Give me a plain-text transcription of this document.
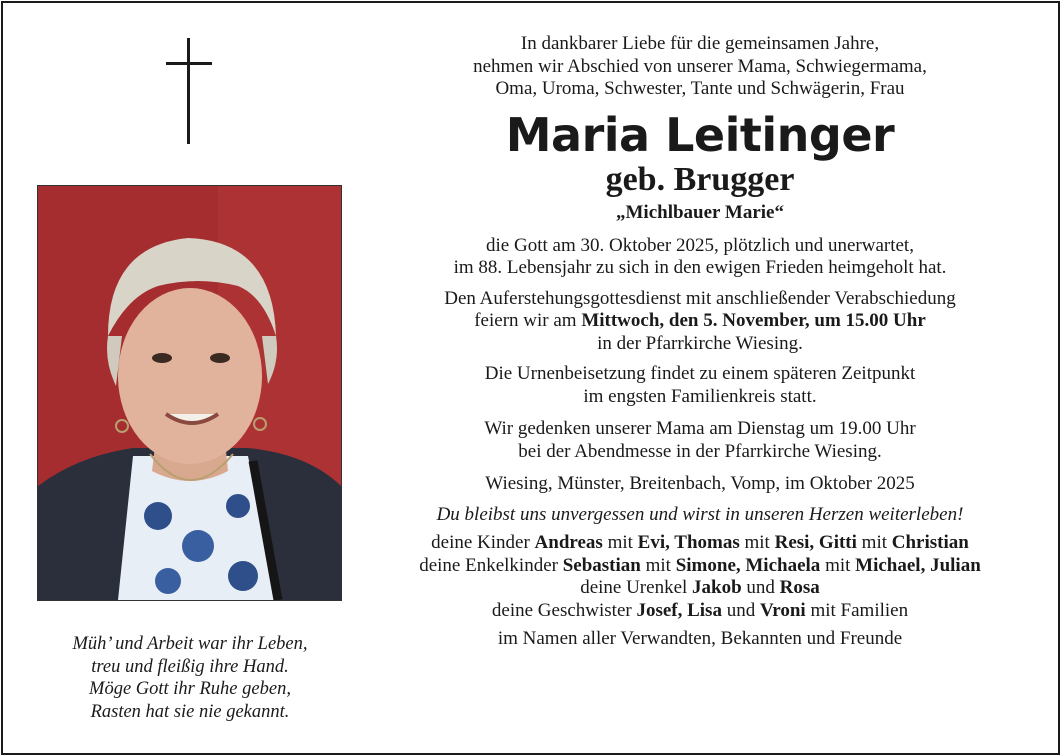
Müh’ und Arbeit war ihr Leben,
treu und fleißig ihre Hand.
Möge Gott ihr Ruhe geben,
Rasten hat sie nie gekannt.
In dankbarer Liebe für die gemeinsamen Jahre,
nehmen wir Abschied von unserer Mama, Schwiegermama,
Oma, Uroma, Schwester, Tante und Schwägerin, Frau
Maria Leitinger
geb. Brugger
„Michlbauer Marie“
die Gott am 30. Oktober 2025, plötzlich und unerwartet,
im 88. Lebensjahr zu sich in den ewigen Frieden heimgeholt hat.
Den Auferstehungsgottesdienst mit anschließender Verabschiedung
feiern wir am Mittwoch, den 5. November, um 15.00 Uhr
in der Pfarrkirche Wiesing.
Die Urnenbeisetzung findet zu einem späteren Zeitpunkt
im engsten Familienkreis statt.
Wir gedenken unserer Mama am Dienstag um 19.00 Uhr
bei der Abendmesse in der Pfarrkirche Wiesing.
Wiesing, Münster, Breitenbach, Vomp, im Oktober 2025
Du bleibst uns unvergessen und wirst in unseren Herzen weiterleben!
deine Kinder Andreas mit Evi, Thomas mit Resi, Gitti mit Christian
deine Enkelkinder Sebastian mit Simone, Michaela mit Michael, Julian
deine Urenkel Jakob und Rosa
deine Geschwister Josef, Lisa und Vroni mit Familien
im Namen aller Verwandten, Bekannten und Freunde
